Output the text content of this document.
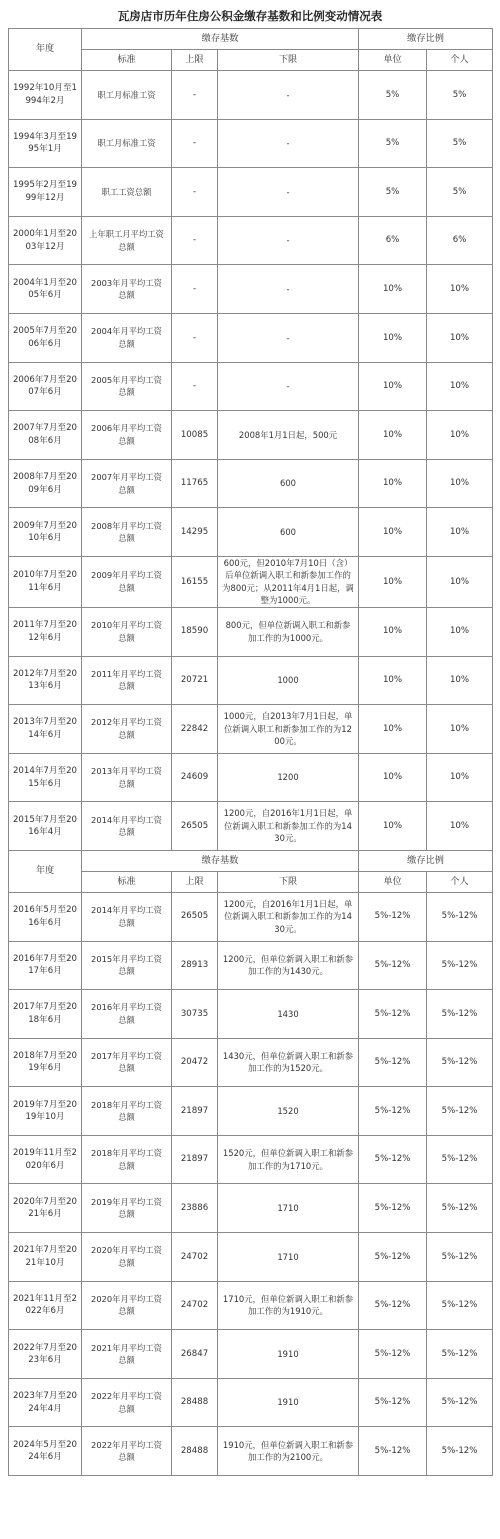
瓦房店市历年住房公积金缴存基数和比例变动情况表
年度	缴存基数			缴存比例	
	标准	上限	下限	单位	个人
1992年10月至1994年2月	职工月标准工资	-	-	5%	5%
1994年3月至1995年1月	职工月标准工资	-	-	5%	5%
1995年2月至1999年12月	职工工资总额	-	-	5%	5%
2000年1月至2003年12月	上年职工月平均工资总额	-	-	6%	6%
2004年1月至2005年6月	2003年月平均工资总额	-	-	10%	10%
2005年7月至2006年6月	2004年月平均工资总额	-	-	10%	10%
2006年7月至2007年6月	2005年月平均工资总额	-	-	10%	10%
2007年7月至2008年6月	2006年月平均工资总额	10085	2008年1月1日起，500元	10%	10%
2008年7月至2009年6月	2007年月平均工资总额	11765	600	10%	10%
2009年7月至2010年6月	2008年月平均工资总额	14295	600	10%	10%
2010年7月至2011年6月	2009年月平均工资总额	16155	600元，但2010年7月10日（含）后单位新调入职工和新参加工作的为800元；从2011年4月1日起，调整为1000元。	10%	10%
2011年7月至2012年6月	2010年月平均工资总额	18590	800元，但单位新调入职工和新参加工作的为1000元。	10%	10%
2012年7月至2013年6月	2011年月平均工资总额	20721	1000	10%	10%
2013年7月至2014年6月	2012年月平均工资总额	22842	1000元，自2013年7月1日起，单位新调入职工和新参加工作的为1200元。	10%	10%
2014年7月至2015年6月	2013年月平均工资总额	24609	1200	10%	10%
2015年7月至2016年4月	2014年月平均工资总额	26505	1200元，自2016年1月1日起，单位新调入职工和新参加工作的为1430元。	10%	10%
年度	缴存基数			缴存比例	
	标准	上限	下限	单位	个人
2016年5月至2016年6月	2014年月平均工资总额	26505	1200元，自2016年1月1日起，单位新调入职工和新参加工作的为1430元。	5%-12%	5%-12%
2016年7月至2017年6月	2015年月平均工资总额	28913	1200元，但单位新调入职工和新参加工作的为1430元。	5%-12%	5%-12%
2017年7月至2018年6月	2016年月平均工资总额	30735	1430	5%-12%	5%-12%
2018年7月至2019年6月	2017年月平均工资总额	20472	1430元，但单位新调入职工和新参加工作的为1520元。	5%-12%	5%-12%
2019年7月至2019年10月	2018年月平均工资总额	21897	1520	5%-12%	5%-12%
2019年11月至2020年6月	2018年月平均工资总额	21897	1520元，但单位新调入职工和新参加工作的为1710元。	5%-12%	5%-12%
2020年7月至2021年6月	2019年月平均工资总额	23886	1710	5%-12%	5%-12%
2021年7月至2021年10月	2020年月平均工资总额	24702	1710	5%-12%	5%-12%
2021年11月至2022年6月	2020年月平均工资总额	24702	1710元，但单位新调入职工和新参加工作的为1910元。	5%-12%	5%-12%
2022年7月至2023年6月	2021年月平均工资总额	26847	1910	5%-12%	5%-12%
2023年7月至2024年4月	2022年月平均工资总额	28488	1910	5%-12%	5%-12%
2024年5月至2024年6月	2022年月平均工资总额	28488	1910元，但单位新调入职工和新参加工作的为2100元。	5%-12%	5%-12%
